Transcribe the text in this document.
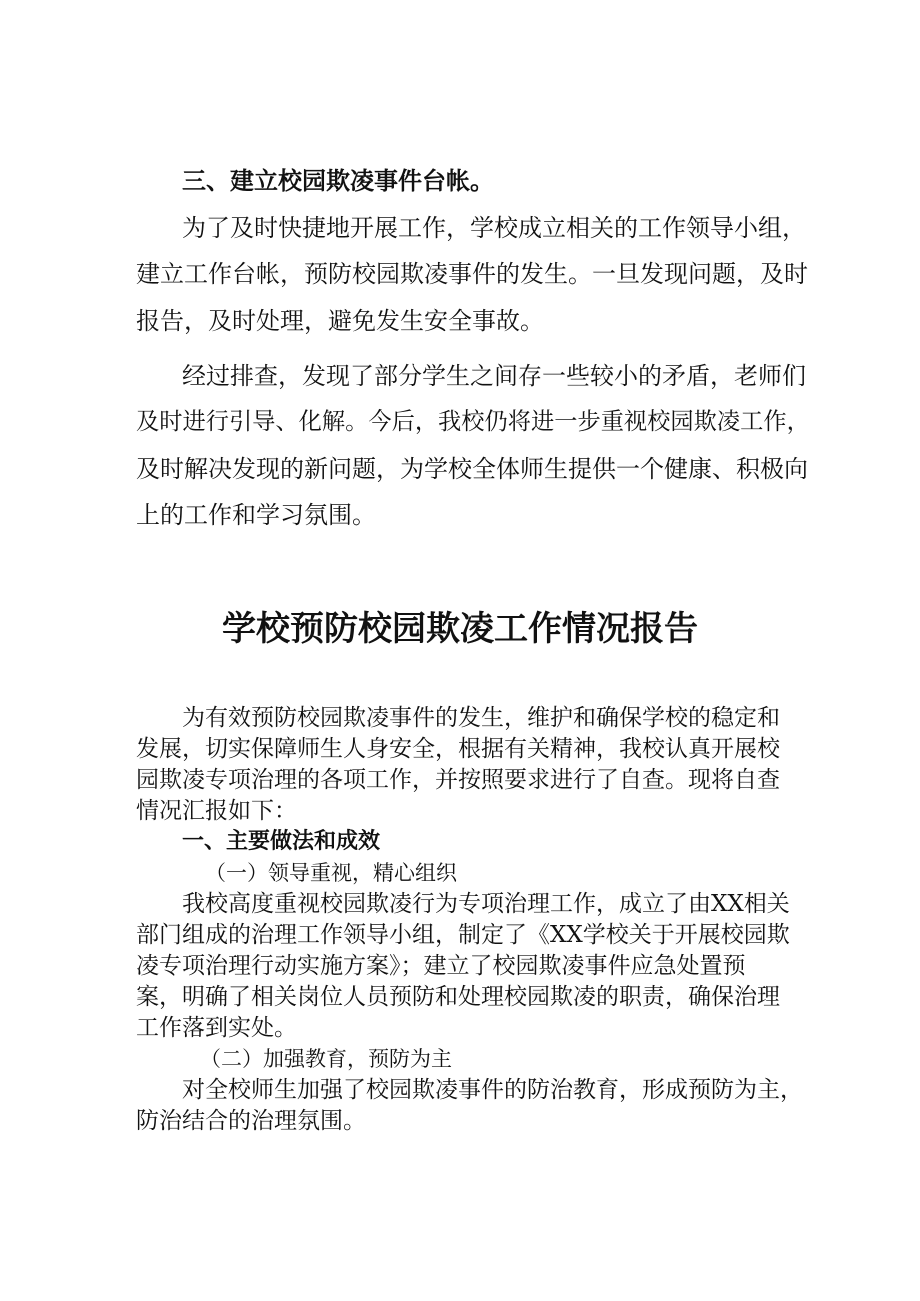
三、建立校园欺凌事件台帐。

为了及时快捷地开展工作，学校成立相关的工作领导小组，

建立工作台帐，预防校园欺凌事件的发生。一旦发现问题，及时

报告，及时处理，避免发生安全事故。

经过排查，发现了部分学生之间存一些较小的矛盾，老师们

及时进行引导、化解。今后，我校仍将进一步重视校园欺凌工作，

及时解决发现的新问题，为学校全体师生提供一个健康、积极向

上的工作和学习氛围。

学校预防校园欺凌工作情况报告

为有效预防校园欺凌事件的发生，维护和确保学校的稳定和

发展，切实保障师生人身安全，根据有关精神，我校认真开展校

园欺凌专项治理的各项工作，并按照要求进行了自查。现将自查

情况汇报如下：

一、主要做法和成效

（一）领导重视，精心组织

我校高度重视校园欺凌行为专项治理工作，成立了由XX相关

部门组成的治理工作领导小组，制定了《XX学校关于开展校园欺

凌专项治理行动实施方案》；建立了校园欺凌事件应急处置预

案，明确了相关岗位人员预防和处理校园欺凌的职责，确保治理

工作落到实处。

（二）加强教育，预防为主

对全校师生加强了校园欺凌事件的防治教育，形成预防为主，

防治结合的治理氛围。
